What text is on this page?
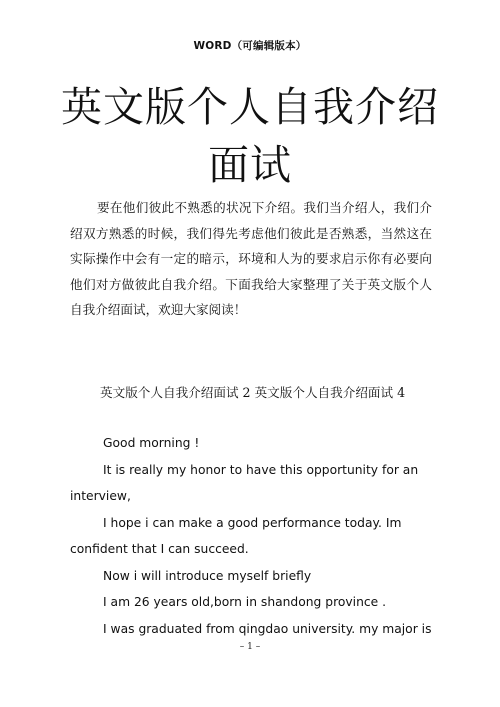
WORD（可编辑版本）
英文版个人自我介绍
面试
要在他们彼此不熟悉的状况下介绍。我们当介绍人，我们介绍双方熟悉的时候，我们得先考虑他们彼此是否熟悉，当然这在实际操作中会有一定的暗示，环境和人为的要求启示你有必要向他们对方做彼此自我介绍。下面我给大家整理了关于英文版个人自我介绍面试，欢迎大家阅读！
英文版个人自我介绍面试 2 英文版个人自我介绍面试 4

Good morning !

It is really my honor to have this opportunity for an interview,

I hope i can make a good performance today. Im confident that I can succeed.

Now i will introduce myself briefly

I am 26 years old,born in shandong province .

I was graduated from qingdao university. my major is

– 1 –
